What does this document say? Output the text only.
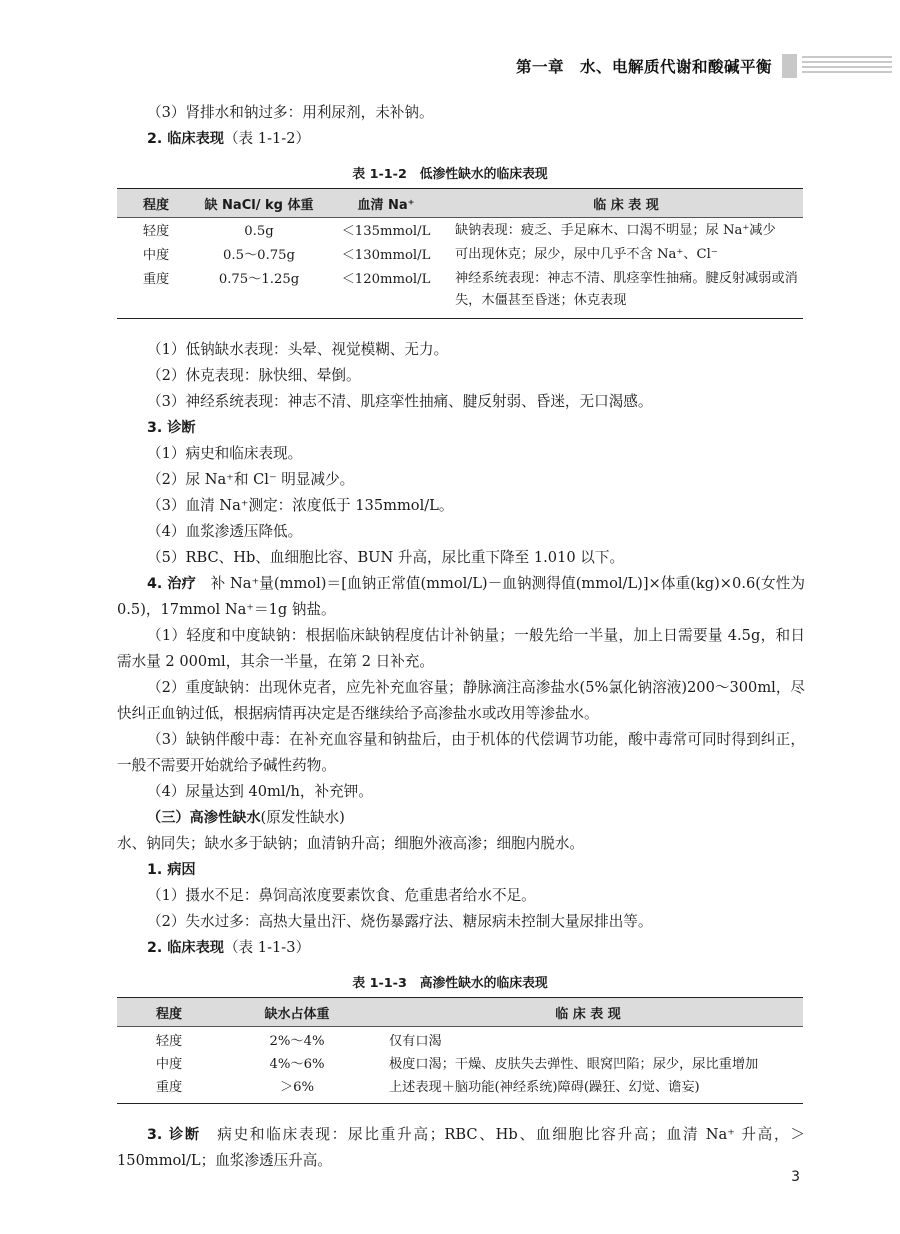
第一章　水、电解质代谢和酸碱平衡
（3）肾排水和钠过多：用利尿剂，未补钠。
2. 临床表现（表 1-1-2）
表 1-1-2　低渗性缺水的临床表现
程度	缺 NaCl/ kg 体重	血清 Na⁺	临 床 表 现
轻度	0.5g	＜135mmol/L	缺钠表现：疲乏、手足麻木、口渴不明显；尿 Na⁺减少
中度	0.5～0.75g	＜130mmol/L	可出现休克；尿少，尿中几乎不含 Na⁺、Cl⁻
重度	0.75～1.25g	＜120mmol/L	神经系统表现：神志不清、肌痉挛性抽痛。腱反射减弱或消失，木僵甚至昏迷；休克表现
（1）低钠缺水表现：头晕、视觉模糊、无力。
（2）休克表现：脉快细、晕倒。
（3）神经系统表现：神志不清、肌痉挛性抽痛、腱反射弱、昏迷，无口渴感。
3. 诊断
（1）病史和临床表现。
（2）尿 Na⁺和 Cl⁻ 明显减少。
（3）血清 Na⁺测定：浓度低于 135mmol/L。
（4）血浆渗透压降低。
（5）RBC、Hb、血细胞比容、BUN 升高，尿比重下降至 1.010 以下。
4. 治疗　 补 Na⁺量(mmol)＝[血钠正常值(mmol/L)－血钠测得值(mmol/L)]×体重(kg)×0.6(女性为 0.5)，17mmol Na⁺＝1g 钠盐。
（1）轻度和中度缺钠：根据临床缺钠程度估计补钠量；一般先给一半量，加上日需要量 4.5g，和日需水量 2 000ml，其余一半量，在第 2 日补充。
（2）重度缺钠：出现休克者，应先补充血容量；静脉滴注高渗盐水(5%氯化钠溶液)200～300ml，尽快纠正血钠过低，根据病情再决定是否继续给予高渗盐水或改用等渗盐水。
（3）缺钠伴酸中毒：在补充血容量和钠盐后，由于机体的代偿调节功能，酸中毒常可同时得到纠正，一般不需要开始就给予碱性药物。
（4）尿量达到 40ml/h，补充钾。
（三）高渗性缺水(原发性缺水)
水、钠同失；缺水多于缺钠；血清钠升高；细胞外液高渗；细胞内脱水。
1. 病因
（1）摄水不足：鼻饲高浓度要素饮食、危重患者给水不足。
（2）失水过多：高热大量出汗、烧伤暴露疗法、糖尿病未控制大量尿排出等。
2. 临床表现（表 1-1-3）
表 1-1-3　高渗性缺水的临床表现
程度	缺水占体重	临 床 表 现
轻度	2%～4%	仅有口渴
中度	4%～6%	极度口渴；干燥、皮肤失去弹性、眼窝凹陷；尿少，尿比重增加
重度	＞6%	上述表现＋脑功能(神经系统)障碍(躁狂、幻觉、谵妄)
3. 诊断　 病史和临床表现：尿比重升高；RBC、Hb、血细胞比容升高；血清 Na⁺ 升高，＞150mmol/L；血浆渗透压升高。
3
